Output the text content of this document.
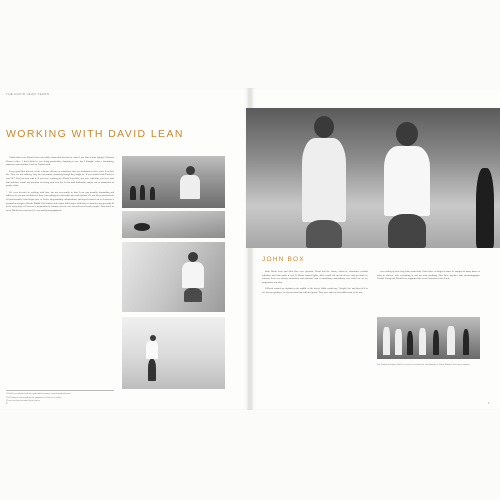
THE DAVID LEAN YEARS
WORKING WITH DAVID LEAN

I think that it was David Lean's incredible charm that first hit me when I met him at Sam Spiegel's Horizon Pictures office. I don't think he was being particularly charming to me, but I thought: what a fascinating, attractive man and then I saw his Turkish card.

Every good film director is like a theatre director or conductor; they are dedicated to their work. It is their life. They are not ordinary, they are not normal, charming though they might be. If you worked with David, it was 24/7. You just went with it. If you were working on a David Lean film, you were with him, you were with him and there wasn't any question of having your own life. It was total dedication, maybe not so monastical as people claim.

We were devoted to working with him, but not necessarily to him. Lean was actually demanding and ruthless; he was just so blinkered, there was nothing else other than the work for him. He was the perfectionist in all professionals. John Bryan (one of Lean's long-standing collaborators) and myself started off on Lawrence's production designer. But the Middle East climate and cuisine didn't agree with him; he started to get generally ill in the early days of Lawrence's preparation in Amman, then he was out and never heard of again. That was it as far as David was concerned, he was totally unsympathetic.

1 David Lean celebrated with his regular author associates, from the production notes.
2 In February he was brought into the production of Lawrence of Arabia.
3 Lean was always fascinated by the camera.
JOHN BOX

Both David Lean and John Box were pleasant. David had the vision, which he sometimes couldn't articulate and John made it real. If David wanted lights, John would roll up his sleeves and get stuck in, whereas Lean was always meticulous and unafraid. And if something extraordinary was called for on set, preparation was done.

If David wanted an elephant in the middle of the desert, Eddie would say, 'Alright Guv' and then he'd be off, but my goodness, he always turned up with the goods. They were quite an incredible team, to be sure.

was visiting by how long John would take. Often three or longer because he stopped so many times en route to observe, take everything in and not miss anything. John Box, together with cinematographer Freddie Young and David Lean, supported the scenic locations of the desert.

Top: Production designer John Box in front of a location in the rock landscape of Jordan. Bottom: Local extras in costume.
8	9
